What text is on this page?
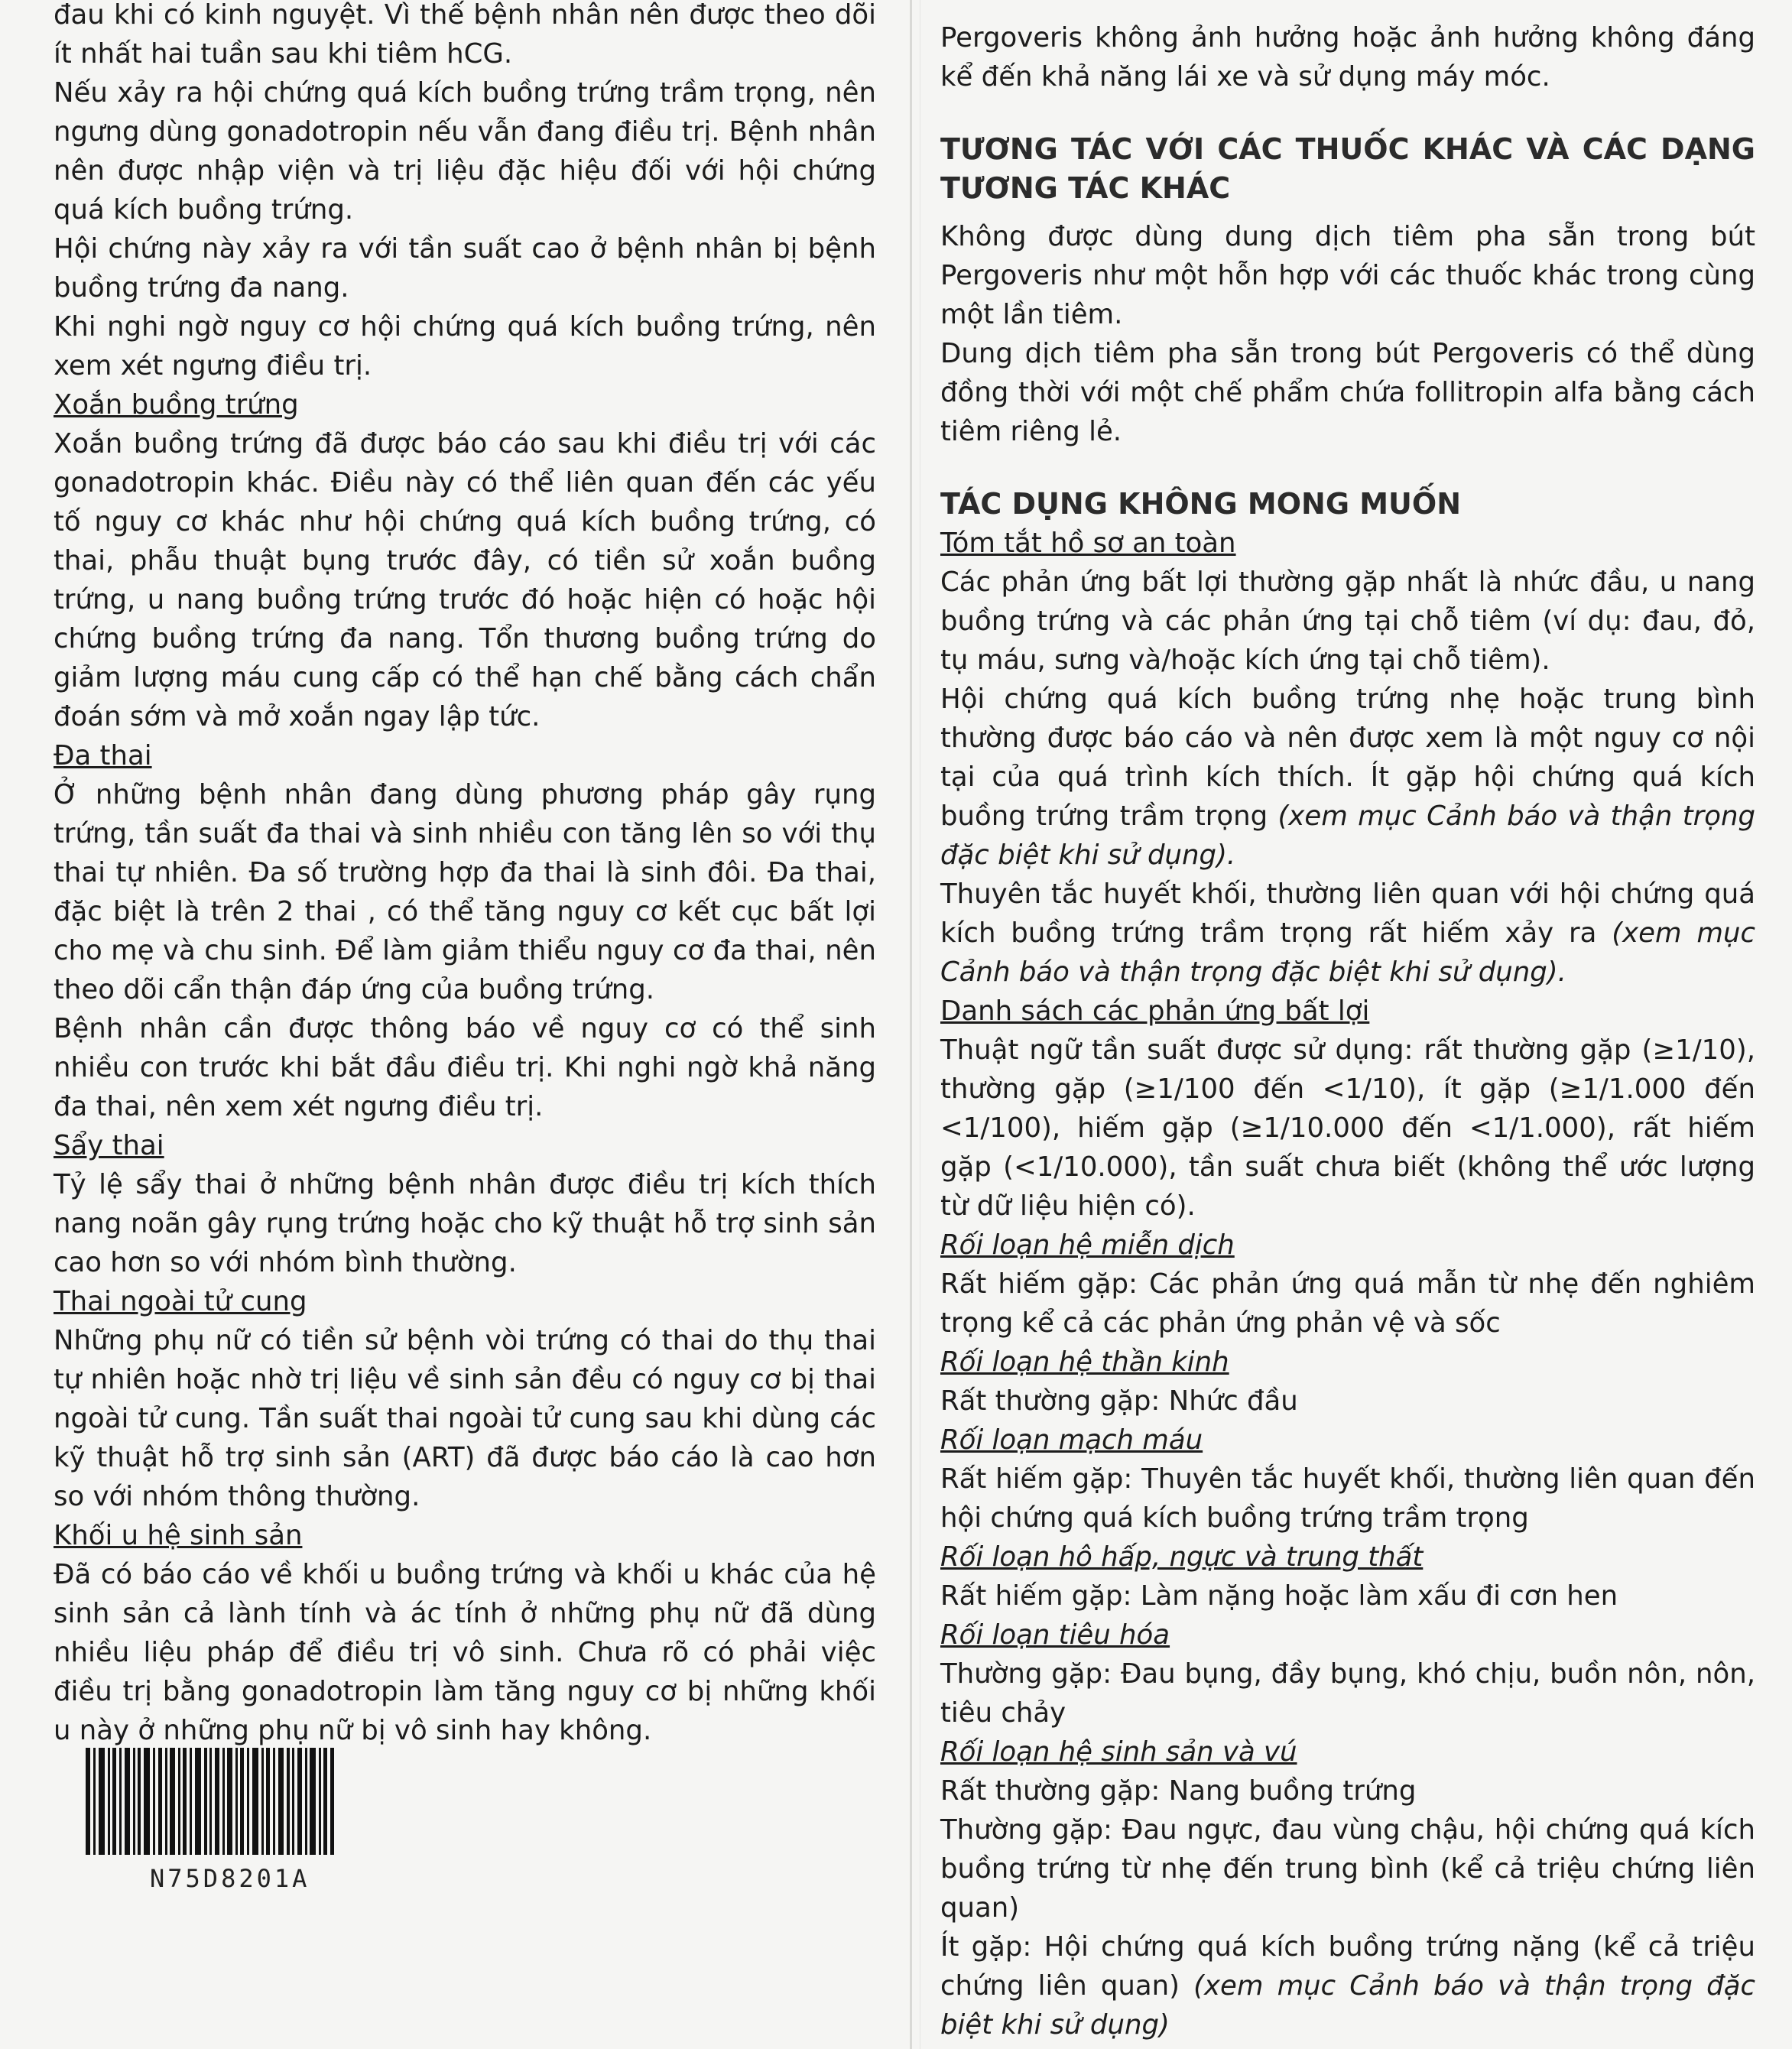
đau khi có kinh nguyệt. Vì thế bệnh nhân nên được theo dõi ít nhất hai tuần sau khi tiêm hCG.

Nếu xảy ra hội chứng quá kích buồng trứng trầm trọng, nên ngưng dùng gonadotropin nếu vẫn đang điều trị. Bệnh nhân nên được nhập viện và trị liệu đặc hiệu đối với hội chứng quá kích buồng trứng.

Hội chứng này xảy ra với tần suất cao ở bệnh nhân bị bệnh buồng trứng đa nang.

Khi nghi ngờ nguy cơ hội chứng quá kích buồng trứng, nên xem xét ngưng điều trị.

Xoắn buồng trứng

Xoắn buồng trứng đã được báo cáo sau khi điều trị với các gonadotropin khác. Điều này có thể liên quan đến các yếu tố nguy cơ khác như hội chứng quá kích buồng trứng, có thai, phẫu thuật bụng trước đây, có tiền sử xoắn buồng trứng, u nang buồng trứng trước đó hoặc hiện có hoặc hội chứng buồng trứng đa nang. Tổn thương buồng trứng do giảm lượng máu cung cấp có thể hạn chế bằng cách chẩn đoán sớm và mở xoắn ngay lập tức.

Đa thai

Ở những bệnh nhân đang dùng phương pháp gây rụng trứng, tần suất đa thai và sinh nhiều con tăng lên so với thụ thai tự nhiên. Đa số trường hợp đa thai là sinh đôi. Đa thai, đặc biệt là trên 2 thai , có thể tăng nguy cơ kết cục bất lợi cho mẹ và chu sinh. Để làm giảm thiểu nguy cơ đa thai, nên theo dõi cẩn thận đáp ứng của buồng trứng.

Bệnh nhân cần được thông báo về nguy cơ có thể sinh nhiều con trước khi bắt đầu điều trị. Khi nghi ngờ khả năng đa thai, nên xem xét ngưng điều trị.

Sẩy thai

Tỷ lệ sẩy thai ở những bệnh nhân được điều trị kích thích nang noãn gây rụng trứng hoặc cho kỹ thuật hỗ trợ sinh sản cao hơn so với nhóm bình thường.

Thai ngoài tử cung

Những phụ nữ có tiền sử bệnh vòi trứng có thai do thụ thai tự nhiên hoặc nhờ trị liệu về sinh sản đều có nguy cơ bị thai ngoài tử cung. Tần suất thai ngoài tử cung sau khi dùng các kỹ thuật hỗ trợ sinh sản (ART) đã được báo cáo là cao hơn so với nhóm thông thường.

Khối u hệ sinh sản

Đã có báo cáo về khối u buồng trứng và khối u khác của hệ sinh sản cả lành tính và ác tính ở những phụ nữ đã dùng nhiều liệu pháp để điều trị vô sinh. Chưa rõ có phải việc điều trị bằng gonadotropin làm tăng nguy cơ bị những khối u này ở những phụ nữ bị vô sinh hay không.

N75D8201A

Pergoveris không ảnh hưởng hoặc ảnh hưởng không đáng kể đến khả năng lái xe và sử dụng máy móc.

TƯƠNG TÁC VỚI CÁC THUỐC KHÁC VÀ CÁC DẠNG TƯƠNG TÁC KHÁC

Không được dùng dung dịch tiêm pha sẵn trong bút Pergoveris như một hỗn hợp với các thuốc khác trong cùng một lần tiêm.

Dung dịch tiêm pha sẵn trong bút Pergoveris có thể dùng đồng thời với một chế phẩm chứa follitropin alfa bằng cách tiêm riêng lẻ.

TÁC DỤNG KHÔNG MONG MUỐN

Tóm tắt hồ sơ an toàn

Các phản ứng bất lợi thường gặp nhất là nhức đầu, u nang buồng trứng và các phản ứng tại chỗ tiêm (ví dụ: đau, đỏ, tụ máu, sưng và/hoặc kích ứng tại chỗ tiêm).

Hội chứng quá kích buồng trứng nhẹ hoặc trung bình thường được báo cáo và nên được xem là một nguy cơ nội tại của quá trình kích thích. Ít gặp hội chứng quá kích buồng trứng trầm trọng (xem mục Cảnh báo và thận trọng đặc biệt khi sử dụng).

Thuyên tắc huyết khối, thường liên quan với hội chứng quá kích buồng trứng trầm trọng rất hiếm xảy ra (xem mục Cảnh báo và thận trọng đặc biệt khi sử dụng).

Danh sách các phản ứng bất lợi

Thuật ngữ tần suất được sử dụng: rất thường gặp (≥1/10), thường gặp (≥1/100 đến <1/10), ít gặp (≥1/1.000 đến <1/100), hiếm gặp (≥1/10.000 đến <1/1.000), rất hiếm gặp (<1/10.000), tần suất chưa biết (không thể ước lượng từ dữ liệu hiện có).

Rối loạn hệ miễn dịch

Rất hiếm gặp: Các phản ứng quá mẫn từ nhẹ đến nghiêm trọng kể cả các phản ứng phản vệ và sốc

Rối loạn hệ thần kinh

Rất thường gặp: Nhức đầu

Rối loạn mạch máu

Rất hiếm gặp: Thuyên tắc huyết khối, thường liên quan đến hội chứng quá kích buồng trứng trầm trọng

Rối loạn hô hấp, ngực và trung thất

Rất hiếm gặp: Làm nặng hoặc làm xấu đi cơn hen

Rối loạn tiêu hóa

Thường gặp: Đau bụng, đầy bụng, khó chịu, buồn nôn, nôn, tiêu chảy

Rối loạn hệ sinh sản và vú

Rất thường gặp: Nang buồng trứng

Thường gặp: Đau ngực, đau vùng chậu, hội chứng quá kích buồng trứng từ nhẹ đến trung bình (kể cả triệu chứng liên quan)

Ít gặp: Hội chứng quá kích buồng trứng nặng (kể cả triệu chứng liên quan) (xem mục Cảnh báo và thận trọng đặc biệt khi sử dụng)
